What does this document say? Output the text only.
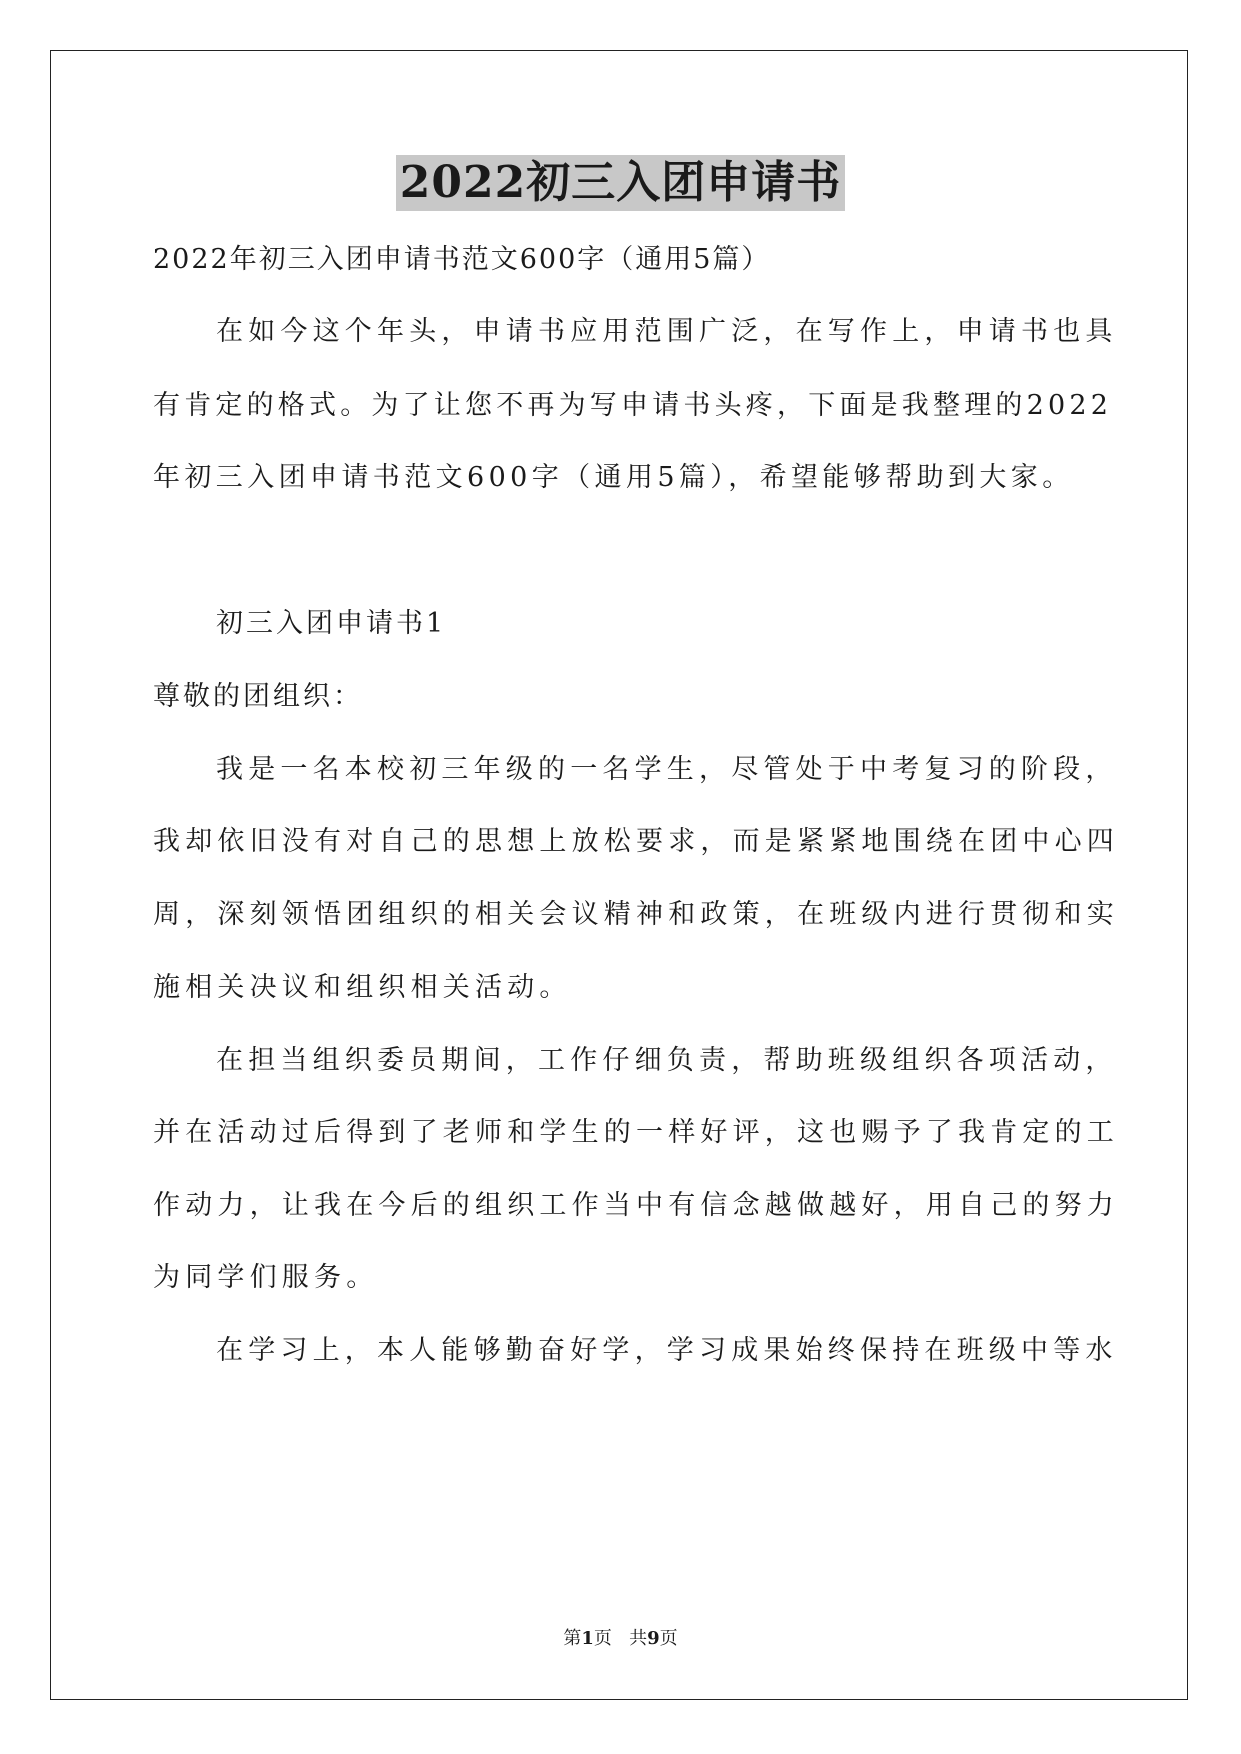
2022初三入团申请书
2022年初三入团申请书范文600字（通用5篇）
在如今这个年头，申请书应用范围广泛，在写作上，申请书也具
有肯定的格式。为了让您不再为写申请书头疼，下面是我整理的2022
年初三入团申请书范文600字（通用5篇），希望能够帮助到大家。
初三入团申请书1
尊敬的团组织：
我是一名本校初三年级的一名学生，尽管处于中考复习的阶段，
我却依旧没有对自己的思想上放松要求，而是紧紧地围绕在团中心四
周，深刻领悟团组织的相关会议精神和政策，在班级内进行贯彻和实
施相关决议和组织相关活动。
在担当组织委员期间，工作仔细负责，帮助班级组织各项活动，
并在活动过后得到了老师和学生的一样好评，这也赐予了我肯定的工
作动力，让我在今后的组织工作当中有信念越做越好，用自己的努力
为同学们服务。
在学习上，本人能够勤奋好学，学习成果始终保持在班级中等水
第1页 共9页
